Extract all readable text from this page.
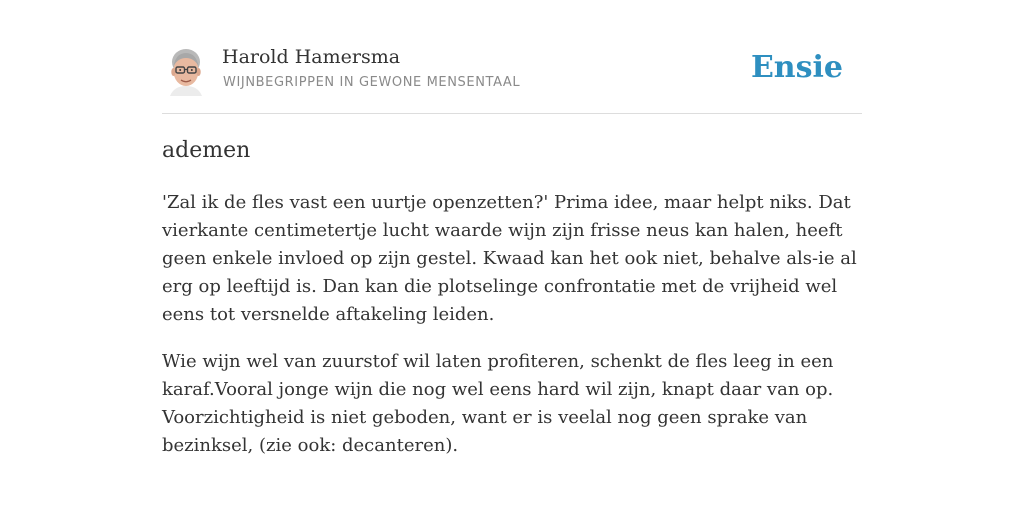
Harold Hamersma
WIJNBEGRIPPEN IN GEWONE MENSENTAAL	Ensie
ademen

'Zal ik de fles vast een uurtje openzetten?' Prima idee, maar helpt niks. Dat vierkante centimetertje lucht waarde wijn zijn frisse neus kan halen, heeft geen enkele invloed op zijn gestel. Kwaad kan het ook niet, behalve als-ie al erg op leeftijd is. Dan kan die plotselinge confrontatie met de vrijheid wel eens tot versnelde aftakeling leiden.

Wie wijn wel van zuurstof wil laten profiteren, schenkt de fles leeg in een karaf.Vooral jonge wijn die nog wel eens hard wil zijn, knapt daar van op. Voorzichtigheid is niet geboden, want er is veelal nog geen sprake van bezinksel, (zie ook: decanteren).
